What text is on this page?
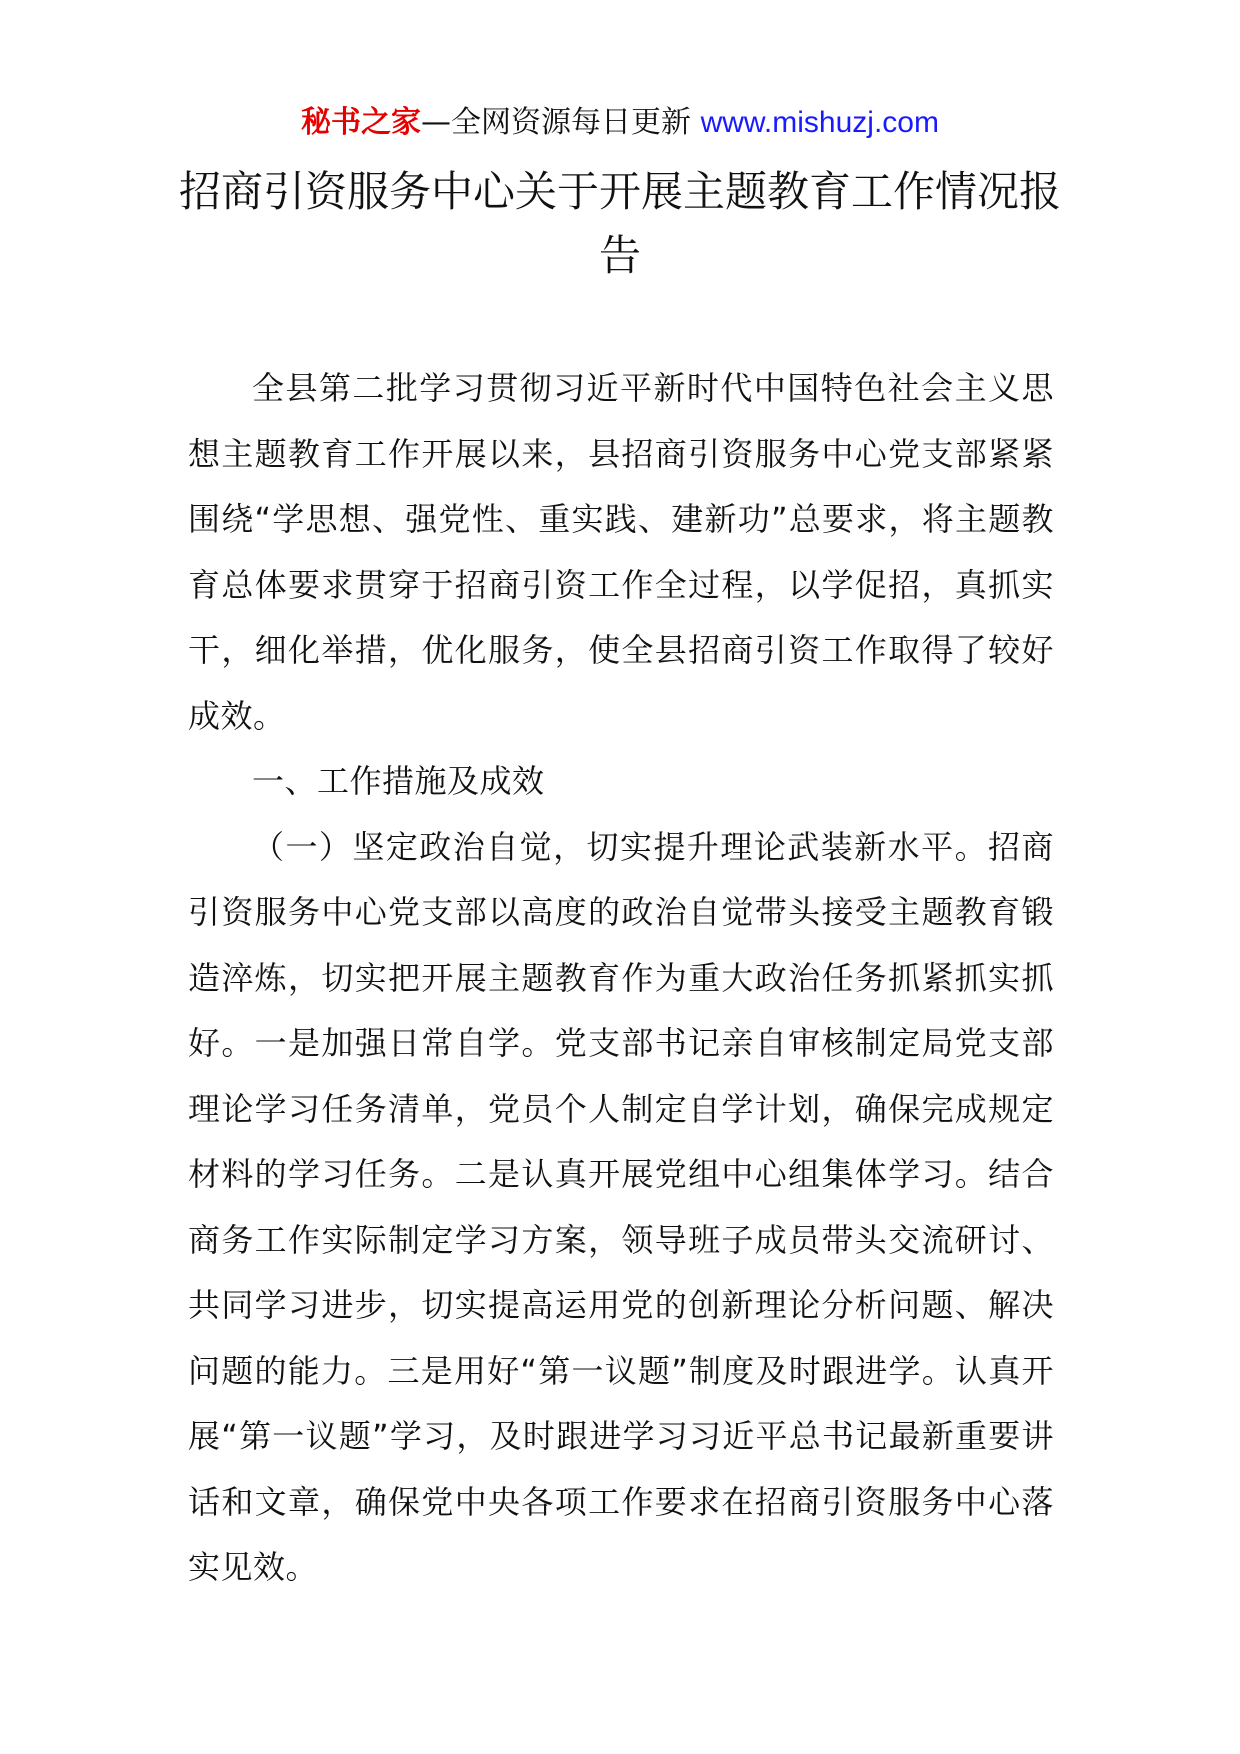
秘书之家—全网资源每日更新 www.mishuzj.com
招商引资服务中心关于开展主题教育工作情况报告

全县第二批学习贯彻习近平新时代中国特色社会主义思想主题教育工作开展以来，县招商引资服务中心党支部紧紧围绕“学思想、强党性、重实践、建新功”总要求，将主题教育总体要求贯穿于招商引资工作全过程，以学促招，真抓实干，细化举措，优化服务，使全县招商引资工作取得了较好成效。

一、工作措施及成效

（一）坚定政治自觉，切实提升理论武装新水平。招商引资服务中心党支部以高度的政治自觉带头接受主题教育锻造淬炼，切实把开展主题教育作为重大政治任务抓紧抓实抓好。一是加强日常自学。党支部书记亲自审核制定局党支部理论学习任务清单，党员个人制定自学计划，确保完成规定材料的学习任务。二是认真开展党组中心组集体学习。结合商务工作实际制定学习方案，领导班子成员带头交流研讨、共同学习进步，切实提高运用党的创新理论分析问题、解决问题的能力。三是用好“第一议题”制度及时跟进学。认真开展“第一议题”学习，及时跟进学习习近平总书记最新重要讲话和文章，确保党中央各项工作要求在招商引资服务中心落实见效。
